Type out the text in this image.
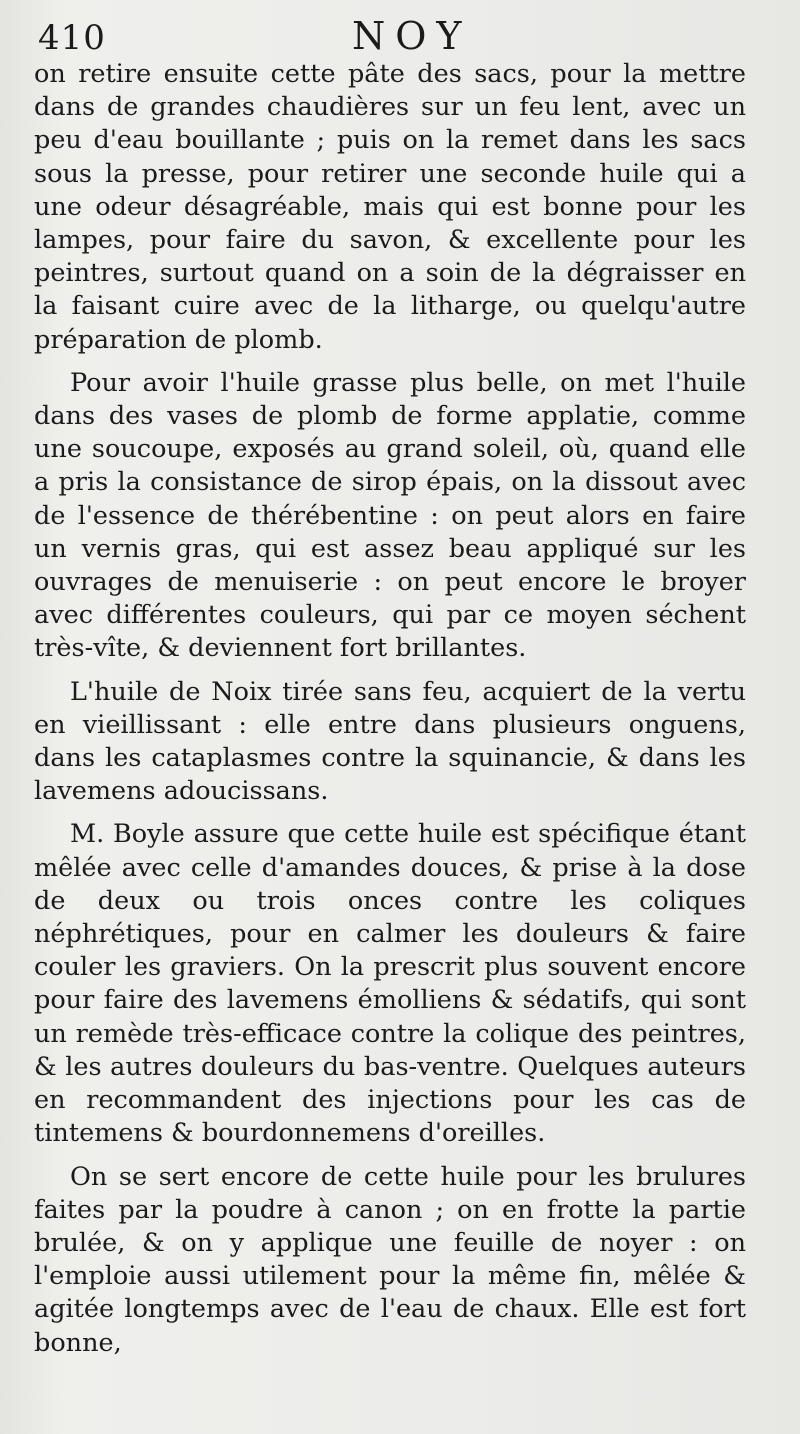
410	NOY

on retire ensuite cette pâte des sacs, pour la mettre dans de grandes chaudières sur un feu lent, avec un peu d'eau bouillante ; puis on la remet dans les sacs sous la presse, pour retirer une seconde huile qui a une odeur désagréable, mais qui est bonne pour les lampes, pour faire du savon, & excellente pour les peintres, surtout quand on a soin de la dégraisser en la faisant cuire avec de la litharge, ou quelqu'autre préparation de plomb.

Pour avoir l'huile grasse plus belle, on met l'huile dans des vases de plomb de forme applatie, comme une soucoupe, exposés au grand soleil, où, quand elle a pris la consistance de sirop épais, on la dissout avec de l'essence de thérébentine : on peut alors en faire un vernis gras, qui est assez beau appliqué sur les ouvrages de menuiserie : on peut encore le broyer avec différentes couleurs, qui par ce moyen séchent très-vîte, & deviennent fort brillantes.

L'huile de Noix tirée sans feu, acquiert de la vertu en vieillissant : elle entre dans plusieurs onguens, dans les cataplasmes contre la squinancie, & dans les lavemens adoucissans.

M. Boyle assure que cette huile est spécifique étant mêlée avec celle d'amandes douces, & prise à la dose de deux ou trois onces contre les coliques néphrétiques, pour en calmer les douleurs & faire couler les graviers. On la prescrit plus souvent encore pour faire des lavemens émolliens & sédatifs, qui sont un remède très-efficace contre la colique des peintres, & les autres douleurs du bas-ventre. Quelques auteurs en recommandent des injections pour les cas de tintemens & bourdonnemens d'oreilles.

On se sert encore de cette huile pour les brulures faites par la poudre à canon ; on en frotte la partie brulée, & on y applique une feuille de noyer : on l'emploie aussi utilement pour la même fin, mêlée & agitée longtemps avec de l'eau de chaux. Elle est fort bonne,
